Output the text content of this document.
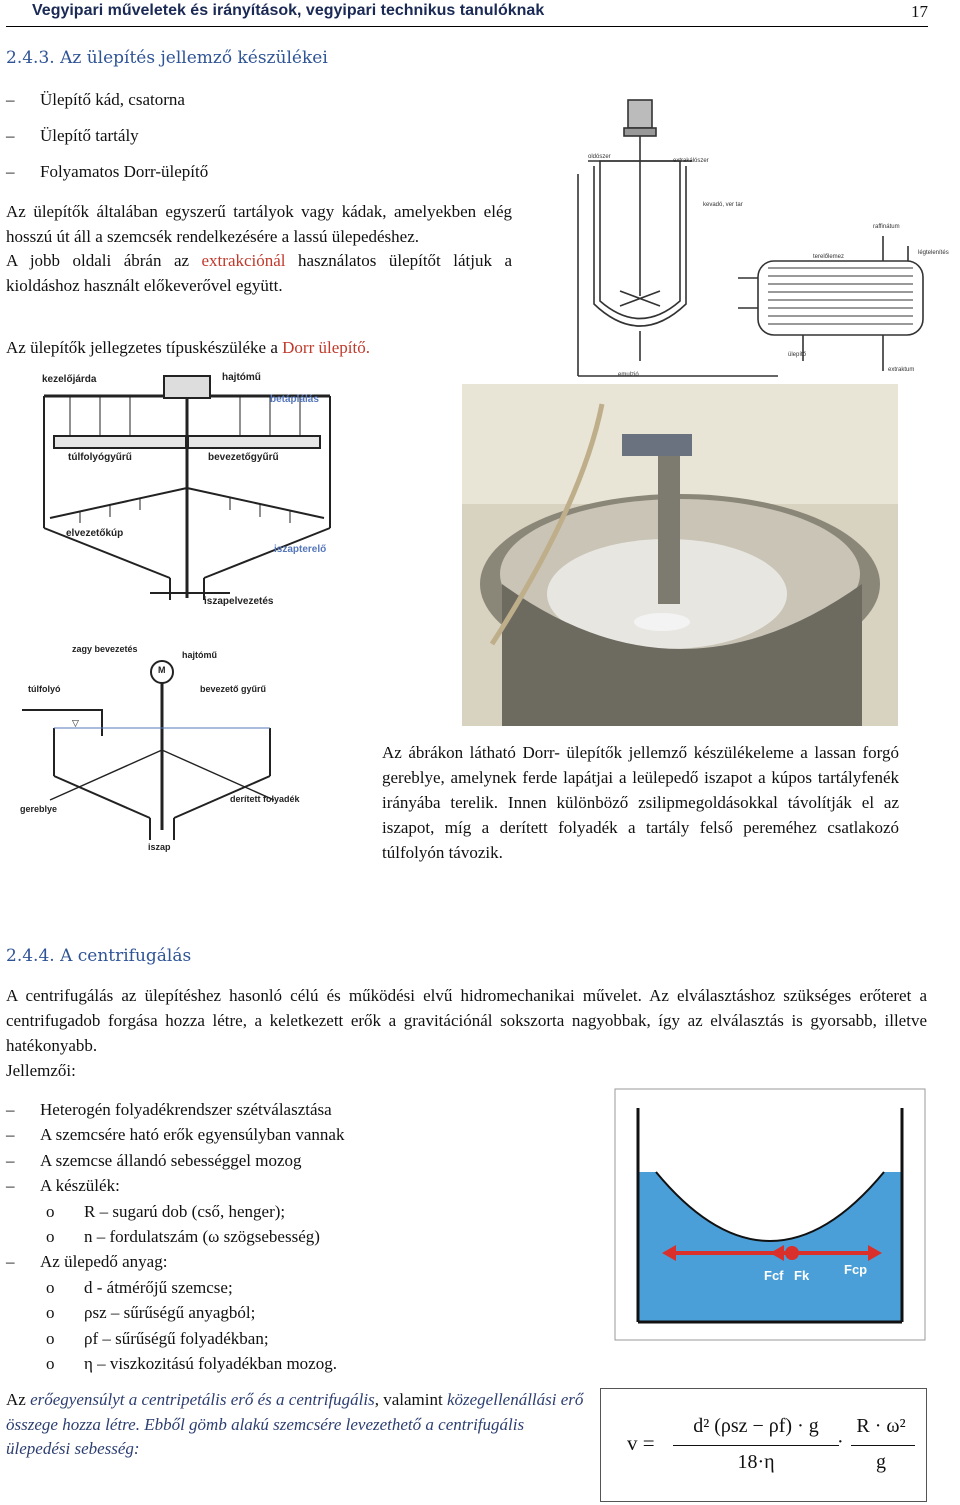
Vegyipari műveletek és irányítások, vegyipari technikus tanulóknak	17
2.4.3. Az ülepítés jellemző készülékei
– Ülepítő kád, csatorna
– Ülepítő tartály
– Folyamatos Dorr-ülepítő
Az ülepítők általában egyszerű tartályok vagy kádak, amelyekben elég hosszú út áll a szemcsék rendelkezésére a lassú ülepedéshez.
A jobb oldali ábrán az extrakciónál használatos ülepítőt látjuk a kioldáshoz használt előkeverővel együtt.
Az ülepítők jellegzetes típuskészüléke a Dorr ülepítő.
oldószer
extrakálószer
kevadó, ver tar
raffinátum
terelőlemez
légtelenítés
ülepítő
emulzió
extraktum
kezelőjárda	hajtómű
betáplálás
túlfolyógyűrű	bevezetőgyűrű
elvezetőkúp
iszapterelő
iszapelvezetés
▽
zagy bevezetés
hajtómű
M
túlfolyó	bevezető gyűrű
gereblye
derített folyadék
iszap
Az ábrákon látható Dorr- ülepítők jellemző készülékeleme a lassan forgó gereblye, amelynek ferde lapátjai a leülepedő iszapot a kúpos tartályfenék irányába terelik. Innen különböző zsilipmegoldásokkal távolítják el az iszapot, míg a derített folyadék a tartály felső pereméhez csatlakozó túlfolyón távozik.
2.4.4. A centrifugálás
A centrifugálás az ülepítéshez hasonló célú és működési elvű hidromechanikai művelet. Az elválasztáshoz szükséges erőteret a centrifugadob forgása hozza létre, a keletkezett erők a gravitációnál sokszorta nagyobbak, így az elválasztás is gyorsabb, illetve hatékonyabb.
Jellemzői:
– Heterogén folyadékrendszer szétválasztása
– A szemcsére ható erők egyensúlyban vannak
– A szemcse állandó sebességgel mozog
– A készülék:
o R – sugarú dob (cső, henger);
o n – fordulatszám (ω szögsebesség)
– Az ülepedő anyag:
o d - átmérőjű szemcse;
o ρsz – sűrűségű anyagból;
o ρf – sűrűségű folyadékban;
o η – viszkozitású folyadékban mozog.
Fcf Fk	Fcp
Az erőegyensúlyt a centripetális erő és a centrifugális, valamint közegellenállási erő összege hozza létre. Ebből gömb alakú szemcsére levezethető a centrifugális ülepedési sebesség:	v =
d² (ρsz − ρf) · g
18·η
·
R · ω²
g
